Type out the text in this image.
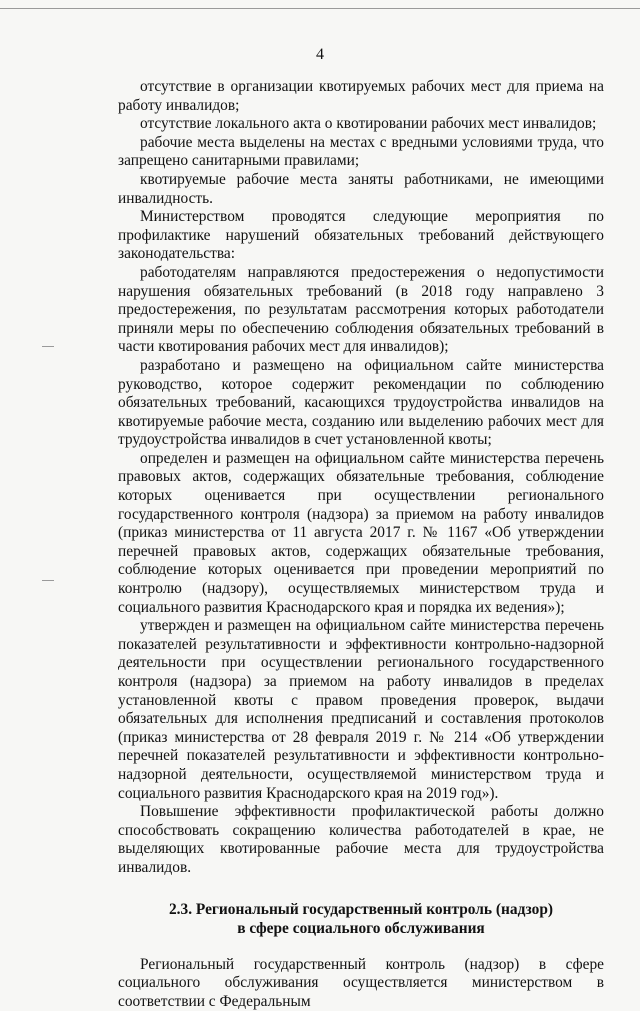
4

отсутствие в организации квотируемых рабочих мест для приема на работу инвалидов;

отсутствие локального акта о квотировании рабочих мест инвалидов;

рабочие места выделены на местах с вредными условиями труда, что запрещено санитарными правилами;

квотируемые рабочие места заняты работниками, не имеющими инвалидность.

Министерством проводятся следующие мероприятия по профилактике нарушений обязательных требований действующего законодательства:

работодателям направляются предостережения о недопустимости нарушения обязательных требований (в 2018 году направлено 3 предостережения, по результатам рассмотрения которых работодатели приняли меры по обеспечению соблюдения обязательных требований в части квотирования рабочих мест для инвалидов);

разработано и размещено на официальном сайте министерства руководство, которое содержит рекомендации по соблюдению обязательных требований, касающихся трудоустройства инвалидов на квотируемые рабочие места, созданию или выделению рабочих мест для трудоустройства инвалидов в счет установленной квоты;

определен и размещен на официальном сайте министерства перечень правовых актов, содержащих обязательные требования, соблюдение которых оценивается при осуществлении регионального государственного контроля (надзора) за приемом на работу инвалидов (приказ министерства от 11 августа 2017 г. № 1167 «Об утверждении перечней правовых актов, содержащих обязательные требования, соблюдение которых оценивается при проведении мероприятий по контролю (надзору), осуществляемых министерством труда и социального развития Краснодарского края и порядка их ведения»);

утвержден и размещен на официальном сайте министерства перечень показателей результативности и эффективности контрольно-надзорной деятельности при осуществлении регионального государственного контроля (надзора) за приемом на работу инвалидов в пределах установленной квоты с правом проведения проверок, выдачи обязательных для исполнения предписаний и составления протоколов (приказ министерства от 28 февраля 2019 г. № 214 «Об утверждении перечней показателей результативности и эффективности контрольно-надзорной деятельности, осуществляемой министерством труда и социального развития Краснодарского края на 2019 год»).

Повышение эффективности профилактической работы должно способствовать сокращению количества работодателей в крае, не выделяющих квотированные рабочие места для трудоустройства инвалидов.

2.3. Региональный государственный контроль (надзор)
в сфере социального обслуживания

Региональный государственный контроль (надзор) в сфере социального обслуживания осуществляется министерством в соответствии с Федеральным
